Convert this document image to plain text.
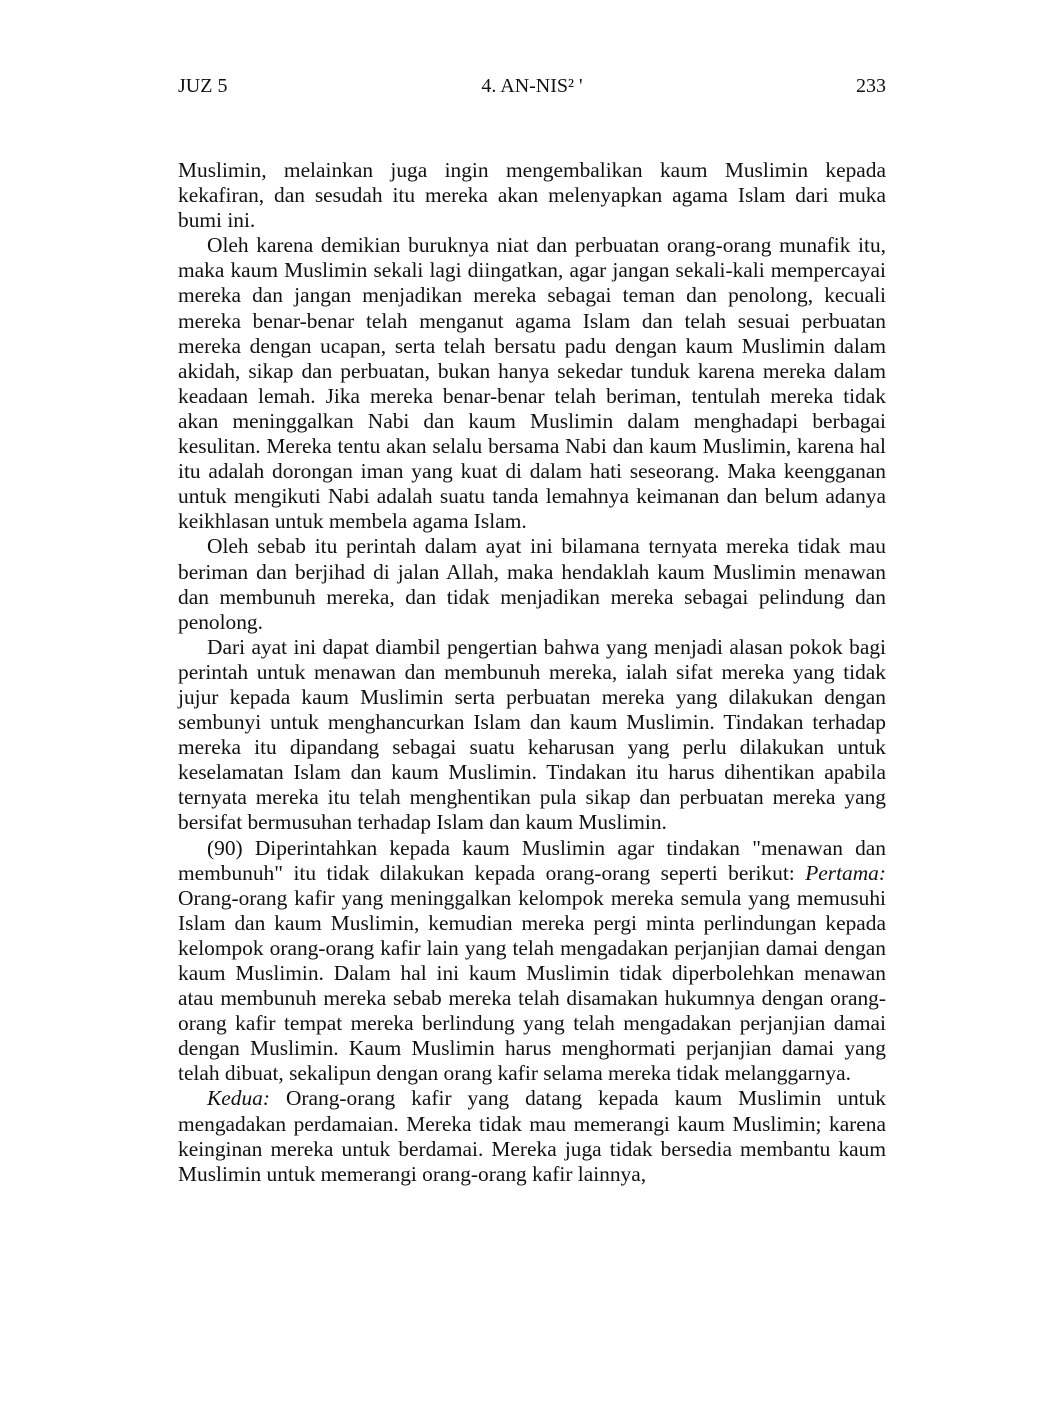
JUZ 5	4. AN-NIS² '	233

Muslimin, melainkan juga ingin mengembalikan kaum Muslimin kepada kekafiran, dan sesudah itu mereka akan melenyapkan agama Islam dari muka bumi ini.

Oleh karena demikian buruknya niat dan perbuatan orang-orang munafik itu, maka kaum Muslimin sekali lagi diingatkan, agar jangan sekali-kali mempercayai mereka dan jangan menjadikan mereka sebagai teman dan penolong, kecuali mereka benar-benar telah menganut agama Islam dan telah sesuai perbuatan mereka dengan ucapan, serta telah bersatu padu dengan kaum Muslimin dalam akidah, sikap dan perbuatan, bukan hanya sekedar tunduk karena mereka dalam keadaan lemah. Jika mereka benar-benar telah beriman, tentulah mereka tidak akan meninggalkan Nabi dan kaum Muslimin dalam menghadapi berbagai kesulitan. Mereka tentu akan selalu bersama Nabi dan kaum Muslimin, karena hal itu adalah dorongan iman yang kuat di dalam hati seseorang. Maka keengganan untuk mengikuti Nabi adalah suatu tanda lemahnya keimanan dan belum adanya keikhlasan untuk membela agama Islam.

Oleh sebab itu perintah dalam ayat ini bilamana ternyata mereka tidak mau beriman dan berjihad di jalan Allah, maka hendaklah kaum Muslimin menawan dan membunuh mereka, dan tidak menjadikan mereka sebagai pelindung dan penolong.

Dari ayat ini dapat diambil pengertian bahwa yang menjadi alasan pokok bagi perintah untuk menawan dan membunuh mereka, ialah sifat mereka yang tidak jujur kepada kaum Muslimin serta perbuatan mereka yang dilakukan dengan sembunyi untuk menghancurkan Islam dan kaum Muslimin. Tindakan terhadap mereka itu dipandang sebagai suatu keharusan yang perlu dilakukan untuk keselamatan Islam dan kaum Muslimin. Tindakan itu harus dihentikan apabila ternyata mereka itu telah menghentikan pula sikap dan perbuatan mereka yang bersifat bermusuhan terhadap Islam dan kaum Muslimin.

(90) Diperintahkan kepada kaum Muslimin agar tindakan "menawan dan membunuh" itu tidak dilakukan kepada orang-orang seperti berikut: Pertama: Orang-orang kafir yang meninggalkan kelompok mereka semula yang memusuhi Islam dan kaum Muslimin, kemudian mereka pergi minta perlindungan kepada kelompok orang-orang kafir lain yang telah mengadakan perjanjian damai dengan kaum Muslimin. Dalam hal ini kaum Muslimin tidak diperbolehkan menawan atau membunuh mereka sebab mereka telah disamakan hukumnya dengan orang-orang kafir tempat mereka berlindung yang telah mengadakan perjanjian damai dengan Muslimin. Kaum Muslimin harus menghormati perjanjian damai yang telah dibuat, sekalipun dengan orang kafir selama mereka tidak melanggarnya.

Kedua: Orang-orang kafir yang datang kepada kaum Muslimin untuk mengadakan perdamaian. Mereka tidak mau memerangi kaum Muslimin; karena keinginan mereka untuk berdamai. Mereka juga tidak bersedia membantu kaum Muslimin untuk memerangi orang-orang kafir lainnya,
